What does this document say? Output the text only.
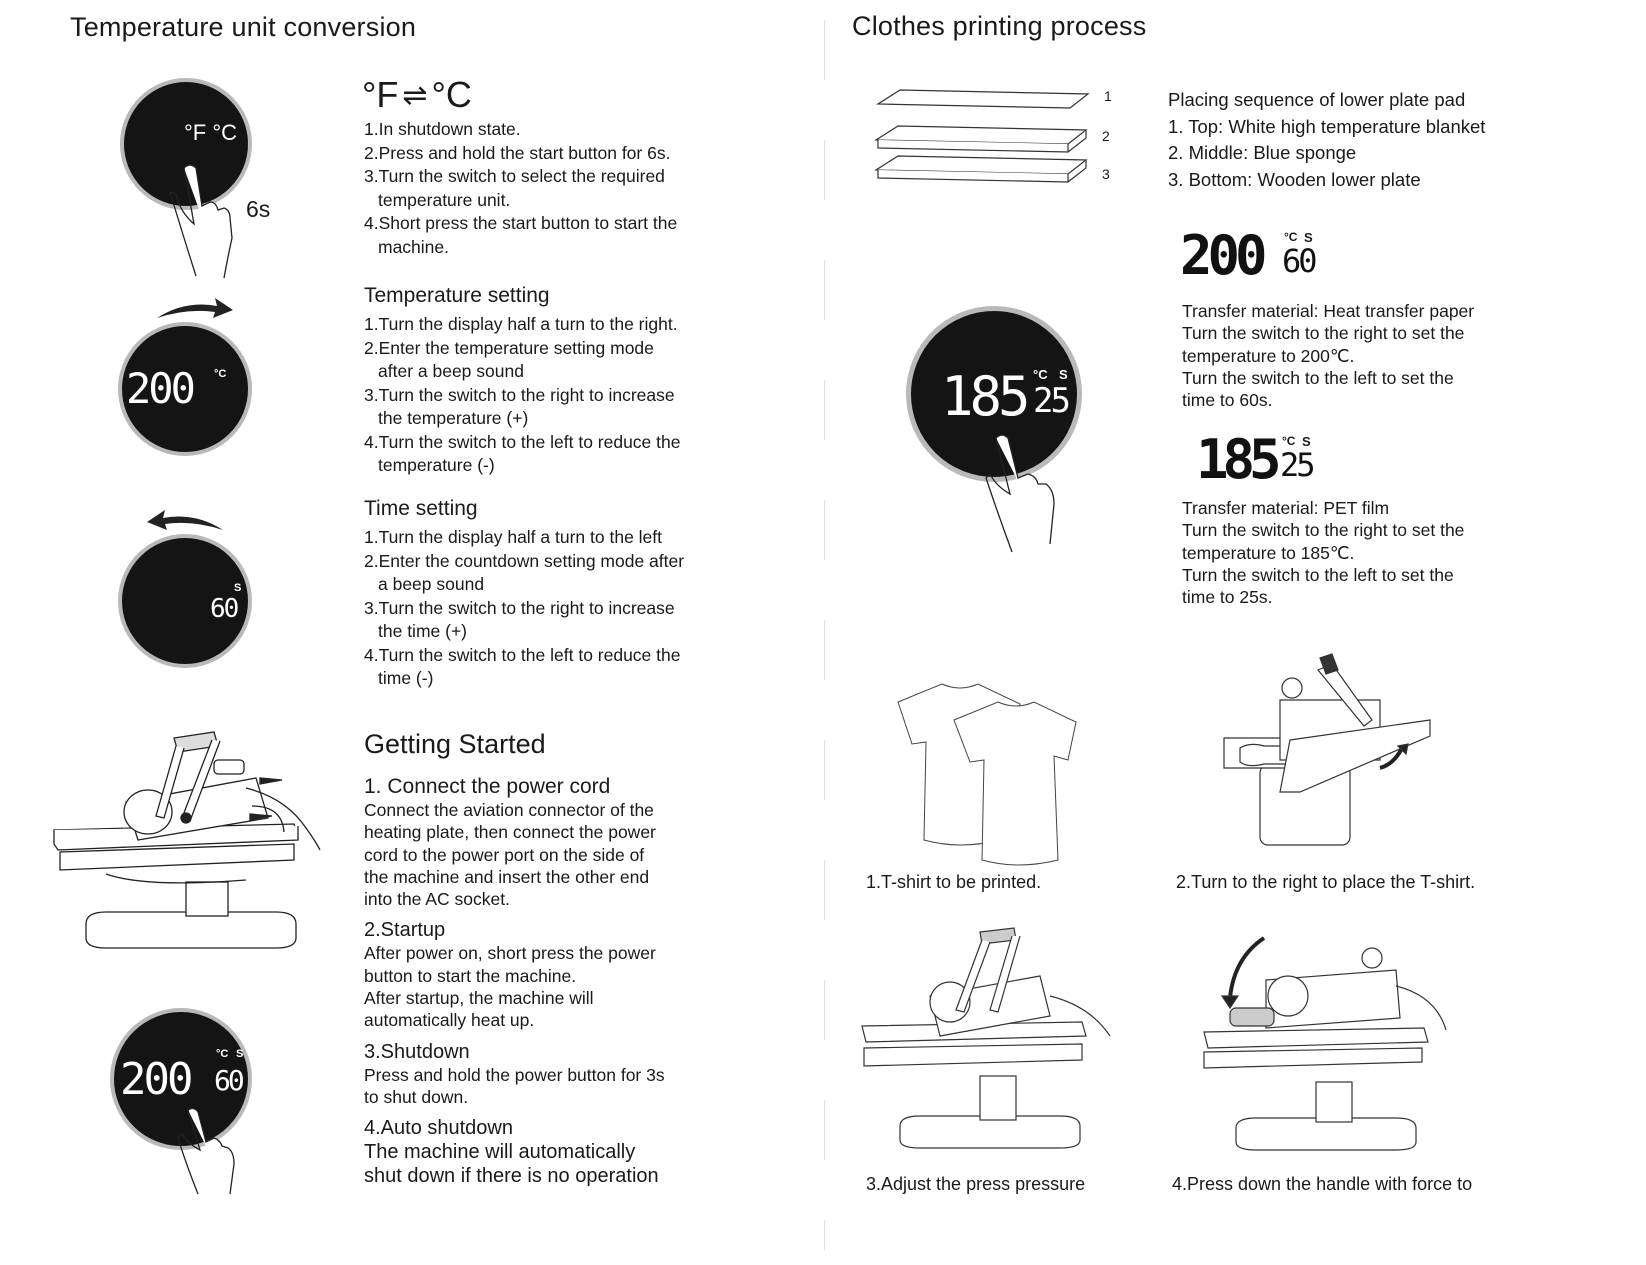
Temperature unit conversion
°F °C
6s
°F ⇌ °C
1. In shutdown state.
2. Press and hold the start button for 6s.
3. Turn the switch to select the required
temperature unit.
4. Short press the start button to start the
machine.
200 °C
Temperature setting
1. Turn the display half a turn to the right.
2. Enter the temperature setting mode
after a beep sound
3. Turn the switch to the right to increase
the temperature (+)
4. Turn the switch to the left to reduce the
temperature (-)
S
60
Time setting
1. Turn the display half a turn to the left
2. Enter the countdown setting mode after
a beep sound
3. Turn the switch to the right to increase
the time (+)
4. Turn the switch to the left to reduce the
time (-)
Getting Started
1. Connect the power cord
Connect the aviation connector of the
heating plate, then connect the power
cord to the power port on the side of
the machine and insert the other end
into the AC socket.
2.Startup
After power on, short press the power
button to start the machine.
After startup, the machine will
automatically heat up.
3.Shutdown
Press and hold the power button for 3s
to shut down.
4.Auto shutdown
The machine will automatically
shut down if there is no operation
200 °C S
60
Clothes printing process
1
2
3
Placing sequence of lower plate pad
1. Top: White high temperature blanket
2. Middle: Blue sponge
3. Bottom: Wooden lower plate
185 °C S
25
200 °C S
60
Transfer material: Heat transfer paper
Turn the switch to the right to set the
temperature to 200℃.
Turn the switch to the left to set the
time to 60s.
185 °C S
25
Transfer material: PET film
Turn the switch to the right to set the
temperature to 185℃.
Turn the switch to the left to set the
time to 25s.
1.T-shirt to be printed.	2.Turn to the right to place the T-shirt.
3.Adjust the press pressure	4.Press down the handle with force to
